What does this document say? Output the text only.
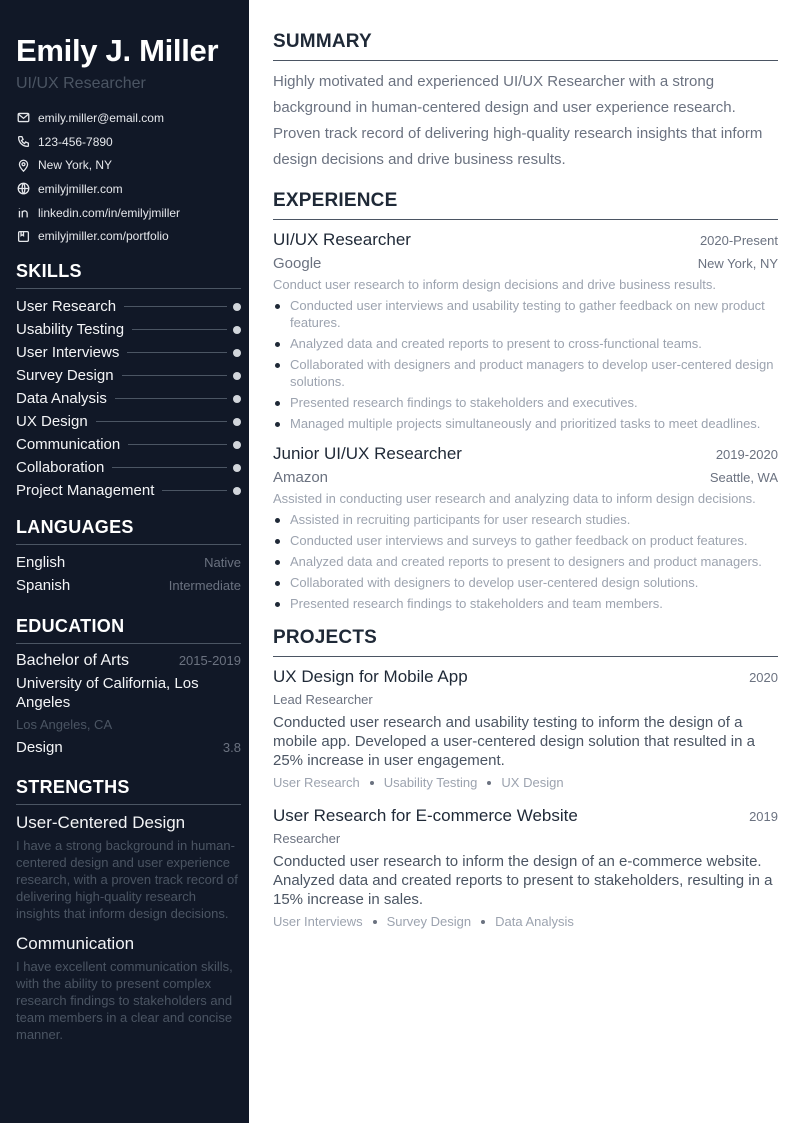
Emily J. Miller
UI/UX Researcher
emily.miller@email.com
123-456-7890
New York, NY
emilyjmiller.com
linkedin.com/in/emilyjmiller
emilyjmiller.com/portfolio
SKILLS
User Research
Usability Testing
User Interviews
Survey Design
Data Analysis
UX Design
Communication
Collaboration
Project Management
LANGUAGES
English	Native
Spanish	Intermediate
EDUCATION
Bachelor of Arts	2015-2019
University of California, Los Angeles
Los Angeles, CA
Design	3.8
STRENGTHS
User-Centered Design
I have a strong background in human-centered design and user experience research, with a proven track record of delivering high-quality research insights that inform design decisions.
Communication
I have excellent communication skills, with the ability to present complex research findings to stakeholders and team members in a clear and concise manner.
SUMMARY

Highly motivated and experienced UI/UX Researcher with a strong background in human-centered design and user experience research. Proven track record of delivering high-quality research insights that inform design decisions and drive business results.

EXPERIENCE
UI/UX Researcher	2020-Present
Google	New York, NY
Conduct user research to inform design decisions and drive business results.
Conducted user interviews and usability testing to gather feedback on new product features.
Analyzed data and created reports to present to cross-functional teams.
Collaborated with designers and product managers to develop user-centered design solutions.
Presented research findings to stakeholders and executives.
Managed multiple projects simultaneously and prioritized tasks to meet deadlines.
Junior UI/UX Researcher	2019-2020
Amazon	Seattle, WA
Assisted in conducting user research and analyzing data to inform design decisions.
Assisted in recruiting participants for user research studies.
Conducted user interviews and surveys to gather feedback on product features.
Analyzed data and created reports to present to designers and product managers.
Collaborated with designers to develop user-centered design solutions.
Presented research findings to stakeholders and team members.
PROJECTS
UX Design for Mobile App	2020
Lead Researcher
Conducted user research and usability testing to inform the design of a mobile app. Developed a user-centered design solution that resulted in a 25% increase in user engagement.
User Research Usability Testing UX Design
User Research for E-commerce Website	2019
Researcher
Conducted user research to inform the design of an e-commerce website. Analyzed data and created reports to present to stakeholders, resulting in a 15% increase in sales.
User Interviews Survey Design Data Analysis
